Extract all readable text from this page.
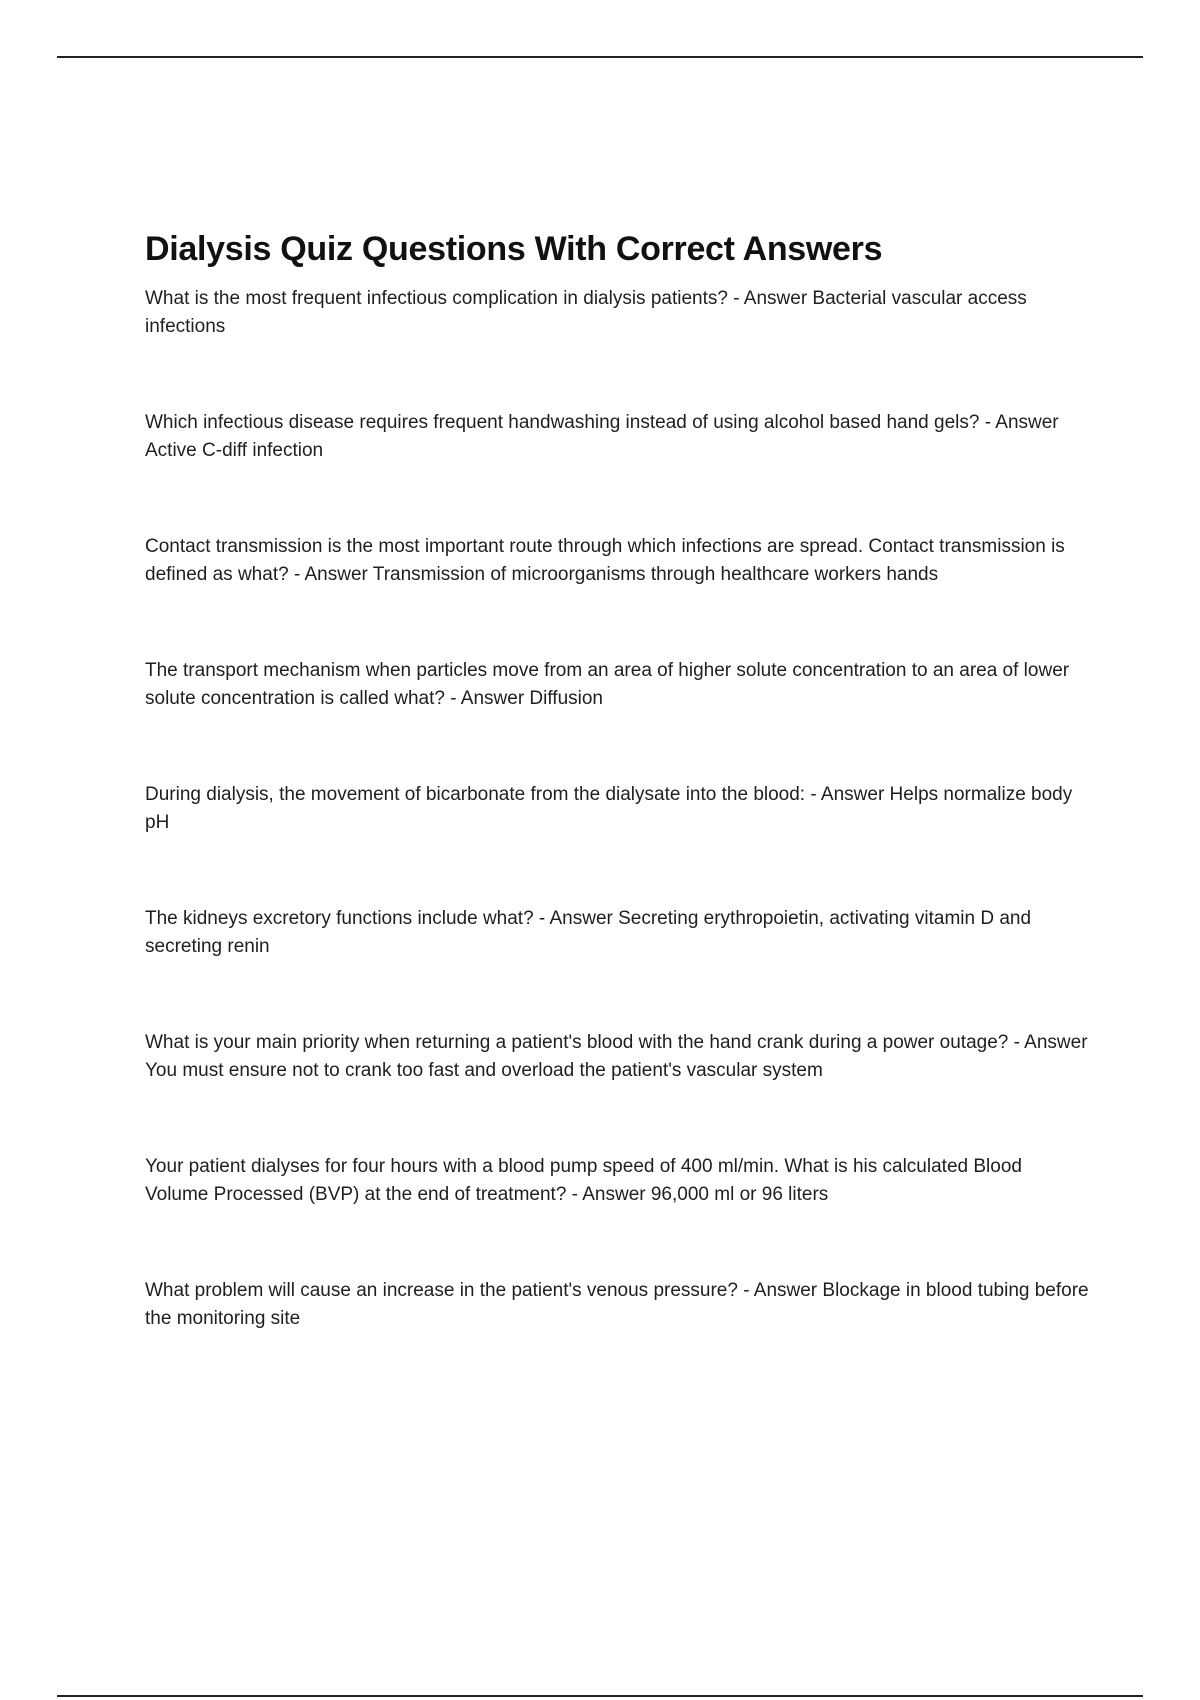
Dialysis Quiz Questions With Correct Answers
What is the most frequent infectious complication in dialysis patients? - Answer Bacterial vascular access infections
Which infectious disease requires frequent handwashing instead of using alcohol based hand gels? - Answer Active C-diff infection
Contact transmission is the most important route through which infections are spread. Contact transmission is defined as what? - Answer Transmission of microorganisms through healthcare workers hands
The transport mechanism when particles move from an area of higher solute concentration to an area of lower solute concentration is called what? - Answer Diffusion
During dialysis, the movement of bicarbonate from the dialysate into the blood: - Answer Helps normalize body pH
The kidneys excretory functions include what? - Answer Secreting erythropoietin, activating vitamin D and secreting renin
What is your main priority when returning a patient's blood with the hand crank during a power outage? - Answer You must ensure not to crank too fast and overload the patient's vascular system
Your patient dialyses for four hours with a blood pump speed of 400 ml/min. What is his calculated Blood Volume Processed (BVP) at the end of treatment? - Answer 96,000 ml or 96 liters
What problem will cause an increase in the patient's venous pressure? - Answer Blockage in blood tubing before the monitoring site
